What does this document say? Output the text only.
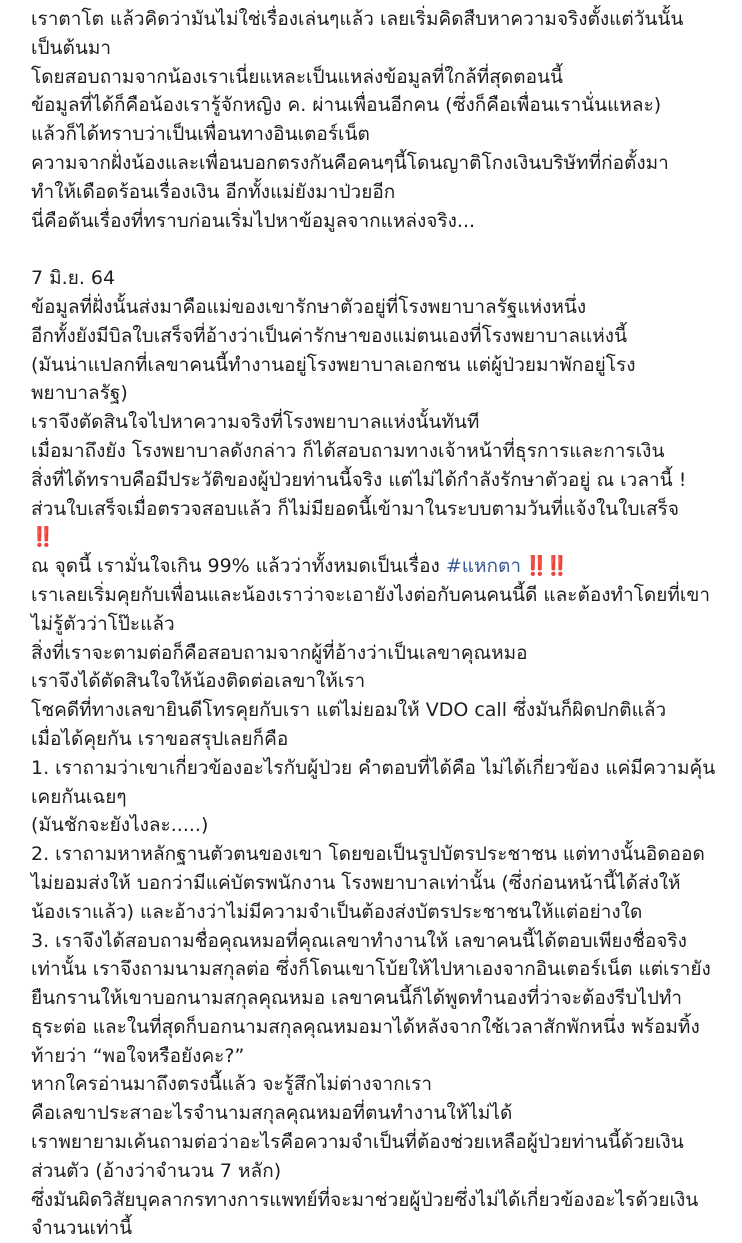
เราตาโต แล้วคิดว่ามันไม่ใช่เรื่องเล่นๆแล้ว เลยเริ่มคิดสืบหาความจริงตั้งแต่วันนั้น
เป็นต้นมา
โดยสอบถามจากน้องเราเนี่ยแหละเป็นแหล่งข้อมูลที่ใกล้ที่สุดตอนนี้
ข้อมูลที่ได้ก็คือน้องเรารู้จักหญิง ค. ผ่านเพื่อนอีกคน (ซึ่งก็คือเพื่อนเรานั่นแหละ)
แล้วก็ได้ทราบว่าเป็นเพื่อนทางอินเตอร์เน็ต
ความจากฝั่งน้องและเพื่อนบอกตรงกันคือคนๆนี้โดนญาติโกงเงินบริษัทที่ก่อตั้งมา
ทำให้เดือดร้อนเรื่องเงิน อีกทั้งแม่ยังมาป่วยอีก
นี่คือต้นเรื่องที่ทราบก่อนเริ่มไปหาข้อมูลจากแหล่งจริง...
7 มิ.ย. 64
ข้อมูลที่ฝั่งนั้นส่งมาคือแม่ของเขารักษาตัวอยู่ที่โรงพยาบาลรัฐแห่งหนึ่ง
อีกทั้งยังมีบิลใบเสร็จที่อ้างว่าเป็นค่ารักษาของแม่ตนเองที่โรงพยาบาลแห่งนี้
(มันน่าแปลกที่เลขาคนนี้ทำงานอยู่โรงพยาบาลเอกชน แต่ผู้ป่วยมาพักอยู่โรง
พยาบาลรัฐ)
เราจึงตัดสินใจไปหาความจริงที่โรงพยาบาลแห่งนั้นทันที
เมื่อมาถึงยัง โรงพยาบาลดังกล่าว ก็ได้สอบถามทางเจ้าหน้าที่ธุรการและการเงิน
สิ่งที่ได้ทราบคือมีประวัติของผู้ป่วยท่านนี้จริง แต่ไม่ได้กำลังรักษาตัวอยู่ ณ เวลานี้ !
ส่วนใบเสร็จเมื่อตรวจสอบแล้ว ก็ไม่มียอดนี้เข้ามาในระบบตามวันที่แจ้งในใบเสร็จ
‼️
ณ จุดนี้ เรามั่นใจเกิน 99% แล้วว่าทั้งหมดเป็นเรื่อง #แหกตา ‼️‼️
เราเลยเริ่มคุยกับเพื่อนและน้องเราว่าจะเอายังไงต่อกับคนคนนี้ดี และต้องทำโดยที่เขา
ไม่รู้ตัวว่าโป๊ะแล้ว
สิ่งที่เราจะตามต่อก็คือสอบถามจากผู้ที่อ้างว่าเป็นเลขาคุณหมอ
เราจึงได้ตัดสินใจให้น้องติดต่อเลขาให้เรา
โชคดีที่ทางเลขายินดีโทรคุยกับเรา แต่ไม่ยอมให้ VDO call ซึ่งมันก็ผิดปกติแล้ว
เมื่อได้คุยกัน เราขอสรุปเลยก็คือ
1. เราถามว่าเขาเกี่ยวข้องอะไรกับผู้ป่วย คำตอบที่ได้คือ ไม่ได้เกี่ยวข้อง แค่มีความคุ้น
เคยกันเฉยๆ
(มันชักจะยังไงละ.....)
2. เราถามหาหลักฐานตัวตนของเขา โดยขอเป็นรูปบัตรประชาชน แต่ทางนั้นอิดออด
ไม่ยอมส่งให้ บอกว่ามีแค่บัตรพนักงาน โรงพยาบาลเท่านั้น (ซึ่งก่อนหน้านี้ได้ส่งให้
น้องเราแล้ว) และอ้างว่าไม่มีความจำเป็นต้องส่งบัตรประชาชนให้แต่อย่างใด
3. เราจึงได้สอบถามชื่อคุณหมอที่คุณเลขาทำงานให้ เลขาคนนี้ได้ตอบเพียงชื่อจริง
เท่านั้น เราจึงถามนามสกุลต่อ ซึ่งก็โดนเขาโบ้ยให้ไปหาเองจากอินเตอร์เน็ต แต่เรายัง
ยืนกรานให้เขาบอกนามสกุลคุณหมอ เลขาคนนี้ก็ได้พูดทำนองที่ว่าจะต้องรีบไปทำ
ธุระต่อ และในที่สุดก็บอกนามสกุลคุณหมอมาได้หลังจากใช้เวลาสักพักหนึ่ง พร้อมทิ้ง
ท้ายว่า “พอใจหรือยังคะ?”
หากใครอ่านมาถึงตรงนี้แล้ว จะรู้สึกไม่ต่างจากเรา
คือเลขาประสาอะไรจำนามสกุลคุณหมอที่ตนทำงานให้ไม่ได้
เราพยายามเค้นถามต่อว่าอะไรคือความจำเป็นที่ต้องช่วยเหลือผู้ป่วยท่านนี้ด้วยเงิน
ส่วนตัว (อ้างว่าจำนวน 7 หลัก)
ซึ่งมันผิดวิสัยบุคลากรทางการแพทย์ที่จะมาช่วยผู้ป่วยซึ่งไม่ได้เกี่ยวข้องอะไรด้วยเงิน
จำนวนเท่านี้
